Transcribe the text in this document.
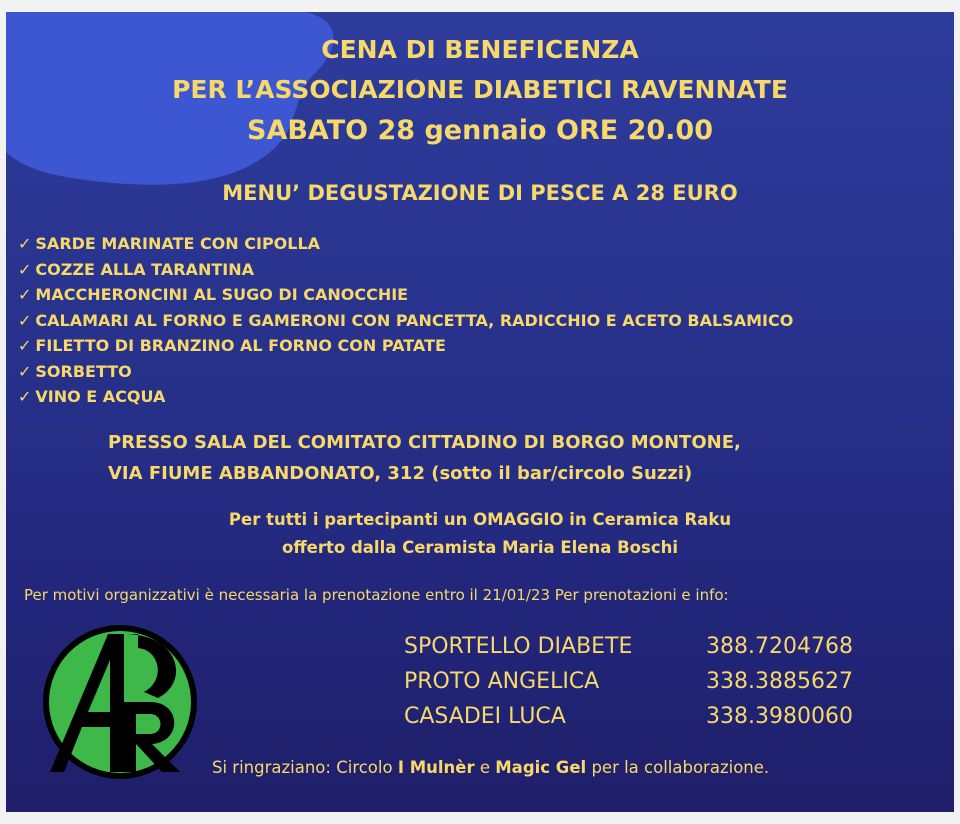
CENA DI BENEFICENZA
PER L’ASSOCIAZIONE DIABETICI RAVENNATE
SABATO 28 gennaio ORE 20.00
MENU’ DEGUSTAZIONE DI PESCE A 28 EURO
✓ SARDE MARINATE CON CIPOLLA
✓ COZZE ALLA TARANTINA
✓ MACCHERONCINI AL SUGO DI CANOCCHIE
✓ CALAMARI AL FORNO E GAMERONI CON PANCETTA, RADICCHIO E ACETO BALSAMICO
✓ FILETTO DI BRANZINO AL FORNO CON PATATE
✓ SORBETTO
✓ VINO E ACQUA
PRESSO SALA DEL COMITATO CITTADINO DI BORGO MONTONE,
VIA FIUME ABBANDONATO, 312 (sotto il bar/circolo Suzzi)
Per tutti i partecipanti un OMAGGIO in Ceramica Raku
offerto dalla Ceramista Maria Elena Boschi
Per motivi organizzativi è necessaria la prenotazione entro il 21/01/23 Per prenotazioni e info:
SPORTELLO DIABETE	388.7204768
PROTO ANGELICA	338.3885627
CASADEI LUCA	338.3980060
Si ringraziano: Circolo I Mulnèr e Magic Gel per la collaborazione.
